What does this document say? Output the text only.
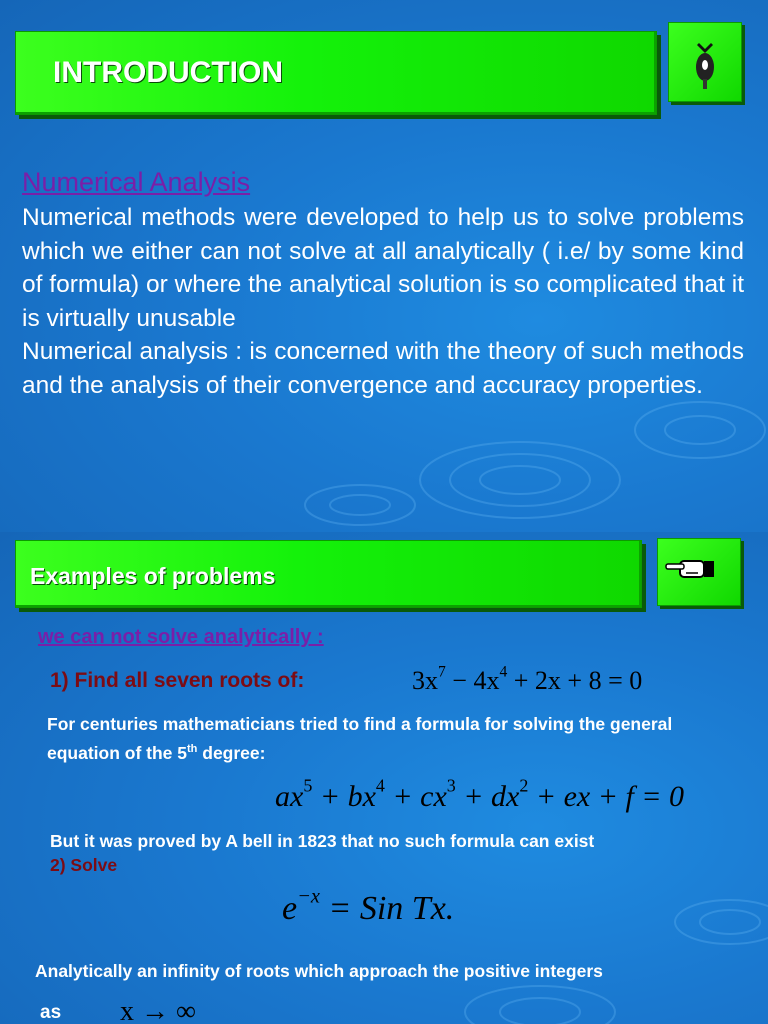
INTRODUCTION
Numerical Analysis
Numerical methods were developed to help us to solve problems which we either can not solve at all analytically ( i.e/ by some kind of formula) or where the analytical solution is so complicated that it is virtually unusable
Numerical analysis : is concerned with the theory of such methods and the analysis of their convergence and accuracy properties.
Examples of problems
we can not solve analytically :
1) Find all seven roots of:	$3x^7 - 4x^4 + 2x + 8 = 0$
For centuries mathematicians tried to find a formula for solving the general equation of the 5th degree:
$ax^5 + bx^4 + cx^3 + dx^2$ + ex + f = 0
But it was proved by A bell in 1823 that no such formula can exist
2) Solve
$e^{-x}$ = Sin Tx.
Analytically an infinity of roots which approach the positive integers
as x → ∞
